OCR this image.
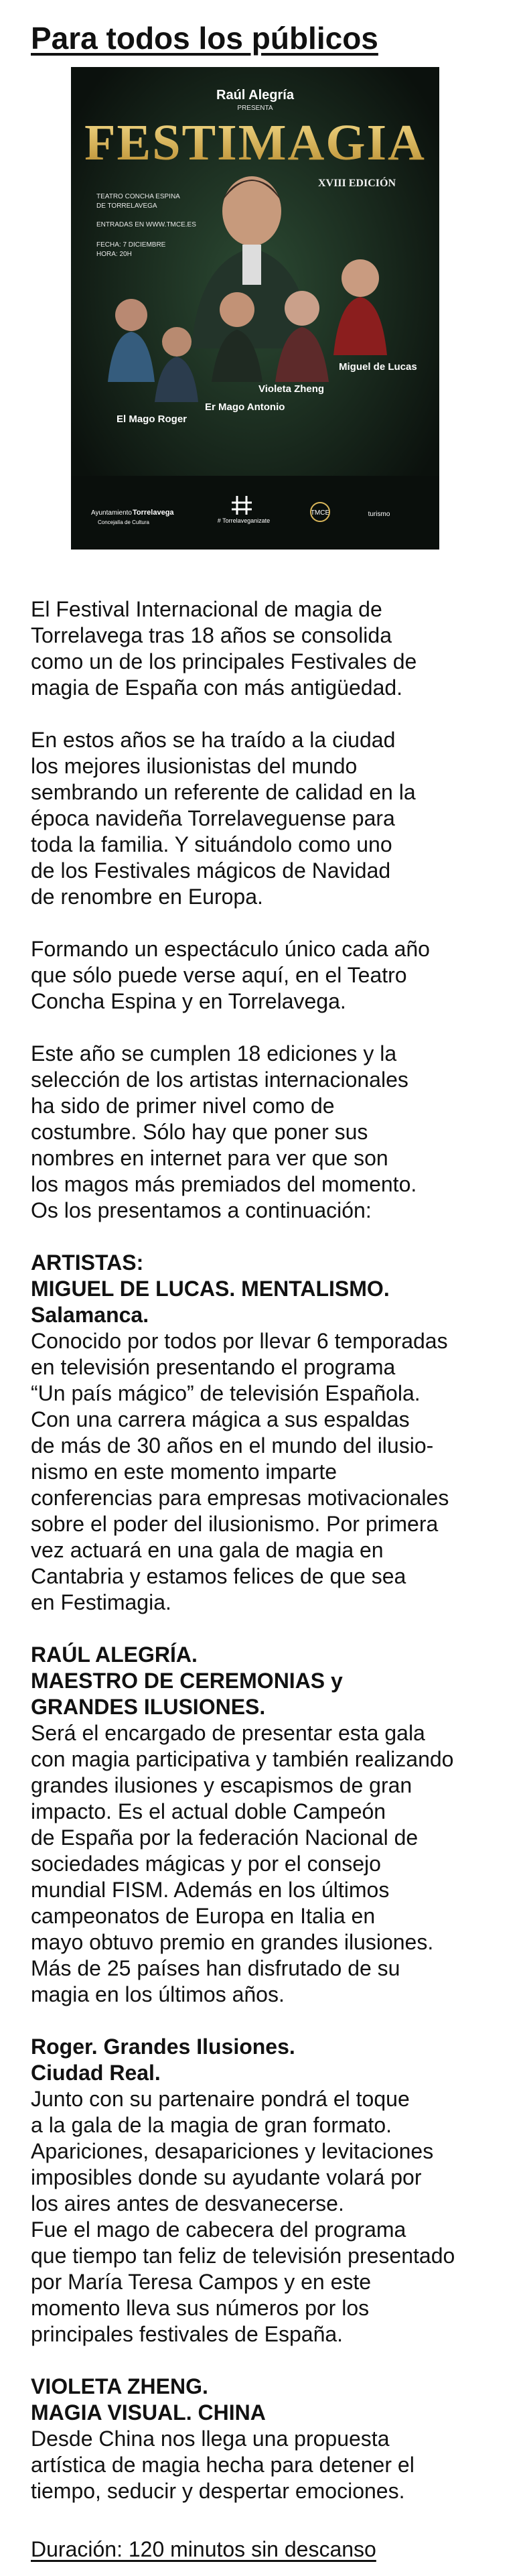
Para todos los públicos
Raúl Alegría
PRESENTA
FESTIMAGIA
XVIII EDICIÓN
TEATRO CONCHA ESPINA
DE TORRELAVEGA
ENTRADAS EN WWW.TMCE.ES
FECHA: 7 DICIEMBRE
HORA: 20H
Miguel de Lucas
Violeta Zheng
Er Mago Antonio
El Mago Roger
Ayuntamiento Torrelavega
Concejalía de Cultura	# Torrelaveganizate
TMCE	turismo

El Festival Internacional de magia de
Torrelavega tras 18 años se consolida
como un de los principales Festivales de
magia de España con más antigüedad.

En estos años se ha traído a la ciudad
los mejores ilusionistas del mundo
sembrando un referente de calidad en la
época navideña Torrelaveguense para
toda la familia. Y situándolo como uno
de los Festivales mágicos de Navidad
de renombre en Europa.

Formando un espectáculo único cada año
que sólo puede verse aquí, en el Teatro
Concha Espina y en Torrelavega.

Este año se cumplen 18 ediciones y la
selección de los artistas internacionales
ha sido de primer nivel como de
costumbre. Sólo hay que poner sus
nombres en internet para ver que son
los magos más premiados del momento.
Os los presentamos a continuación:

ARTISTAS:
MIGUEL DE LUCAS. MENTALISMO.
Salamanca.
Conocido por todos por llevar 6 temporadas
en televisión presentando el programa
“Un país mágico” de televisión Española.
Con una carrera mágica a sus espaldas
de más de 30 años en el mundo del ilusio-
nismo en este momento imparte
conferencias para empresas motivacionales
sobre el poder del ilusionismo. Por primera
vez actuará en una gala de magia en
Cantabria y estamos felices de que sea
en Festimagia.

RAÚL ALEGRÍA.
MAESTRO DE CEREMONIAS y
GRANDES ILUSIONES.
Será el encargado de presentar esta gala
con magia participativa y también realizando
grandes ilusiones y escapismos de gran
impacto. Es el actual doble Campeón
de España por la federación Nacional de
sociedades mágicas y por el consejo
mundial FISM. Además en los últimos
campeonatos de Europa en Italia en
mayo obtuvo premio en grandes ilusiones.
Más de 25 países han disfrutado de su
magia en los últimos años.

Roger. Grandes Ilusiones.
Ciudad Real.
Junto con su partenaire pondrá el toque
a la gala de la magia de gran formato.
Apariciones, desapariciones y levitaciones
imposibles donde su ayudante volará por
los aires antes de desvanecerse.
Fue el mago de cabecera del programa
que tiempo tan feliz de televisión presentado
por María Teresa Campos y en este
momento lleva sus números por los
principales festivales de España.

VIOLETA ZHENG.
MAGIA VISUAL. CHINA
Desde China nos llega una propuesta
artística de magia hecha para detener el
tiempo, seducir y despertar emociones.

Duración: 120 minutos sin descanso
